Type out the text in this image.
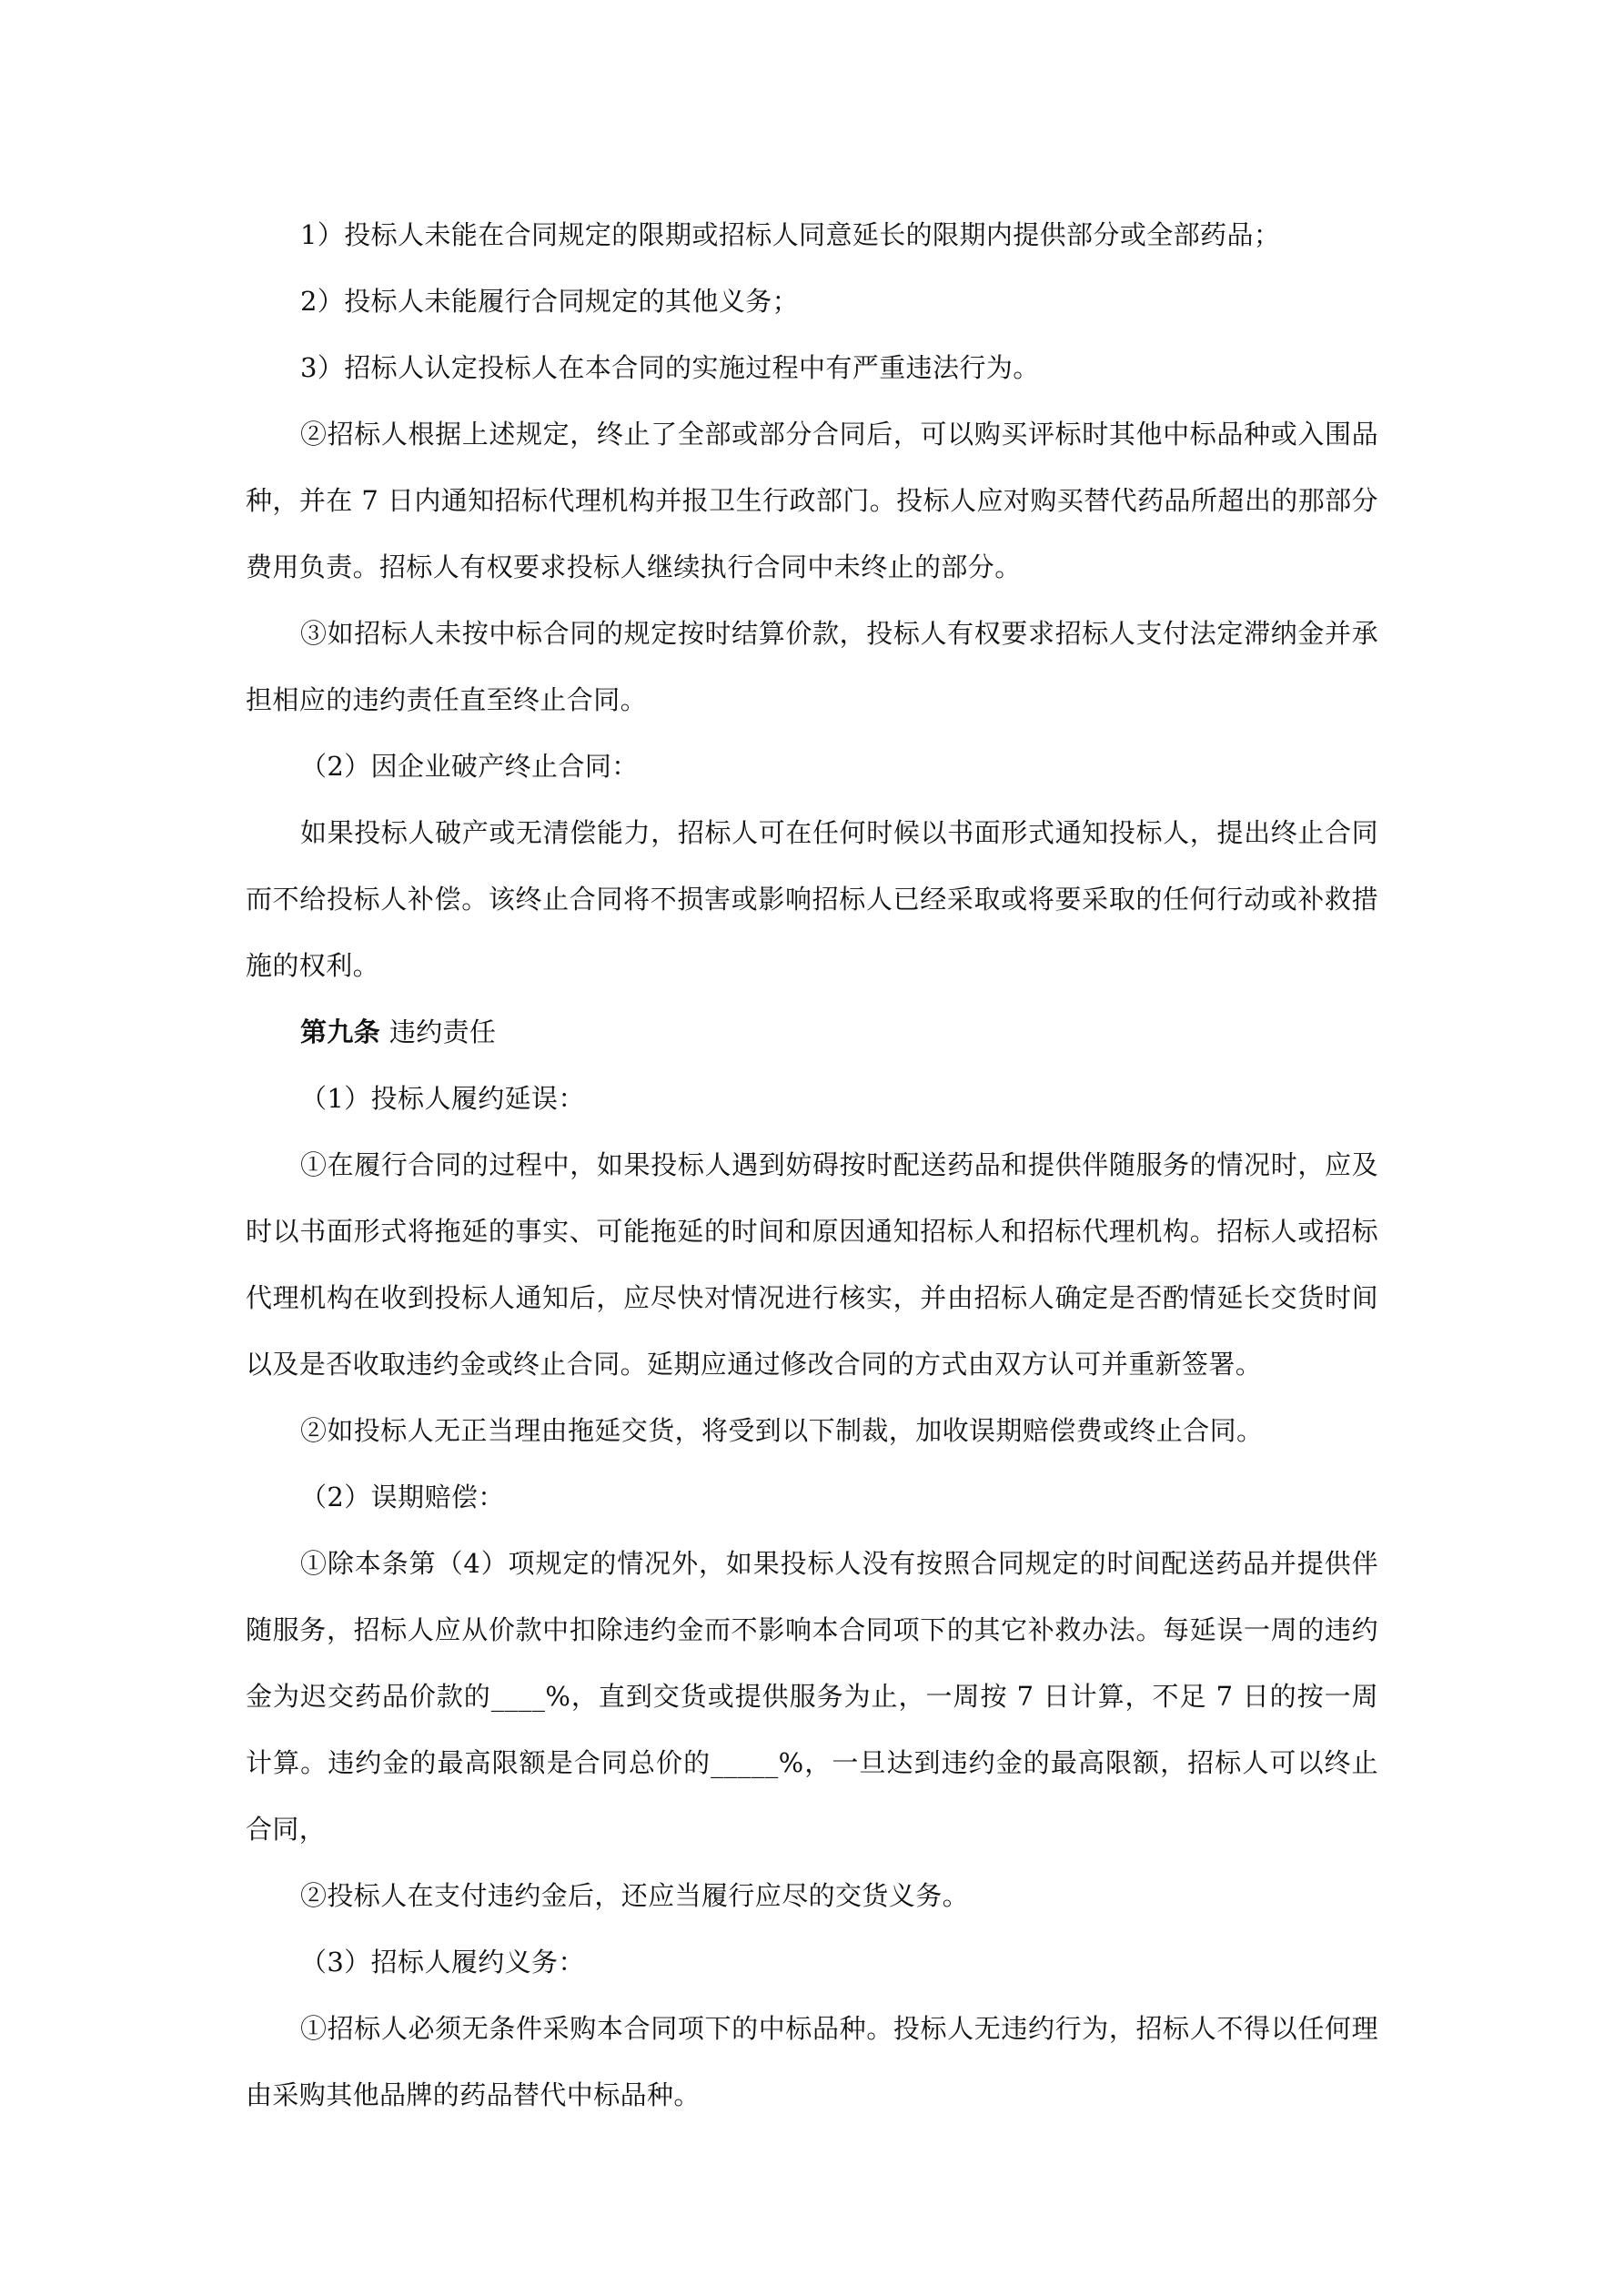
1）投标人未能在合同规定的限期或招标人同意延长的限期内提供部分或全部药品；

2）投标人未能履行合同规定的其他义务；

3）招标人认定投标人在本合同的实施过程中有严重违法行为。

②招标人根据上述规定，终止了全部或部分合同后，可以购买评标时其他中标品种或入围品种，并在 7 日内通知招标代理机构并报卫生行政部门。投标人应对购买替代药品所超出的那部分费用负责。招标人有权要求投标人继续执行合同中未终止的部分。

③如招标人未按中标合同的规定按时结算价款，投标人有权要求招标人支付法定滞纳金并承担相应的违约责任直至终止合同。

（2）因企业破产终止合同：

如果投标人破产或无清偿能力，招标人可在任何时候以书面形式通知投标人，提出终止合同而不给投标人补偿。该终止合同将不损害或影响招标人已经采取或将要采取的任何行动或补救措施的权利。

第九条 违约责任

（1）投标人履约延误：

①在履行合同的过程中，如果投标人遇到妨碍按时配送药品和提供伴随服务的情况时，应及时以书面形式将拖延的事实、可能拖延的时间和原因通知招标人和招标代理机构。招标人或招标代理机构在收到投标人通知后，应尽快对情况进行核实，并由招标人确定是否酌情延长交货时间以及是否收取违约金或终止合同。延期应通过修改合同的方式由双方认可并重新签署。

②如投标人无正当理由拖延交货，将受到以下制裁，加收误期赔偿费或终止合同。

（2）误期赔偿：

①除本条第（4）项规定的情况外，如果投标人没有按照合同规定的时间配送药品并提供伴随服务，招标人应从价款中扣除违约金而不影响本合同项下的其它补救办法。每延误一周的违约金为迟交药品价款的____%，直到交货或提供服务为止，一周按 7 日计算，不足 7 日的按一周计算。违约金的最高限额是合同总价的_____%，一旦达到违约金的最高限额，招标人可以终止合同，

②投标人在支付违约金后，还应当履行应尽的交货义务。

（3）招标人履约义务：

①招标人必须无条件采购本合同项下的中标品种。投标人无违约行为，招标人不得以任何理由采购其他品牌的药品替代中标品种。
